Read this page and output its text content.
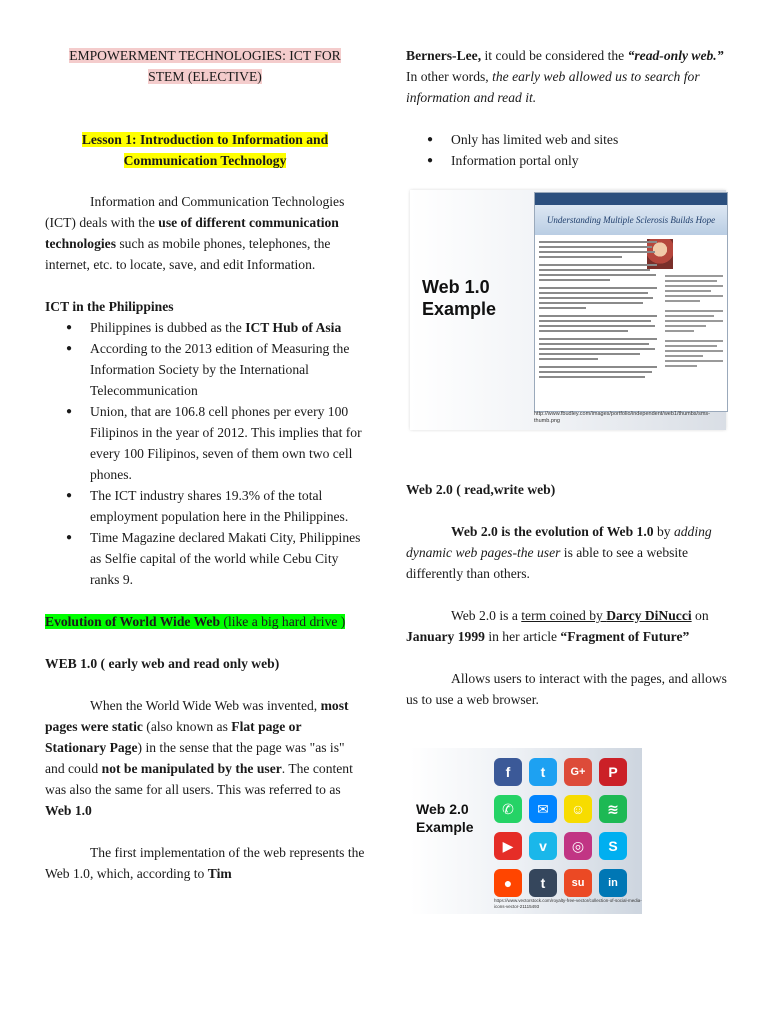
EMPOWERMENT TECHNOLOGIES: ICT FOR
STEM (ELECTIVE)

Lesson 1: Introduction to Information and
Communication Technology

Information and Communication Technologies (ICT) deals with the use of different communication technologies such as mobile phones, telephones, the internet, etc. to locate, save, and edit Information.

ICT in the Philippines

● Philippines is dubbed as the ICT Hub of Asia
● According to the 2013 edition of Measuring the Information Society by the International Telecommunication
● Union, that are 106.8 cell phones per every 100 Filipinos in the year of 2012. This implies that for every 100 Filipinos, seven of them own two cell phones.
● The ICT industry shares 19.3% of the total employment population here in the Philippines.
● Time Magazine declared Makati City, Philippines as Selfie capital of the world while Cebu City ranks 9.

Evolution of World Wide Web (like a big hard drive )

WEB 1.0 ( early web and read only web)

When the World Wide Web was invented, most pages were static (also known as Flat page or Stationary Page) in the sense that the page was "as is" and could not be manipulated by the user. The content was also the same for all users. This was referred to as Web 1.0

The first implementation of the web represents the Web 1.0, which, according to Tim

Berners-Lee, it could be considered the “read-only web.” In other words, the early web allowed us to search for information and read it.

● Only has limited web and sites
● Information portal only

Web 2.0 ( read,write web)

Web 2.0 is the evolution of Web 1.0 by adding dynamic web pages-the user is able to see a website differently than others.

Web 2.0 is a term coined by Darcy DiNucci on January 1999 in her article “Fragment of Future”

Allows users to interact with the pages, and allows us to use a web browser.

Web 1.0 Example
Understanding Multiple Sclerosis Builds Hope
http://www.fbudley.com/images/portfolio/independent/web1/thumbs/sms-thumb.png
Web 2.0 Example
f	t	G+	P
✆	✉	☺	≋
▶	v	◎	S
●	t	su	in
https://www.vectorstock.com/royalty-free-vector/collection-of-social-media-icons-vector-21115493
